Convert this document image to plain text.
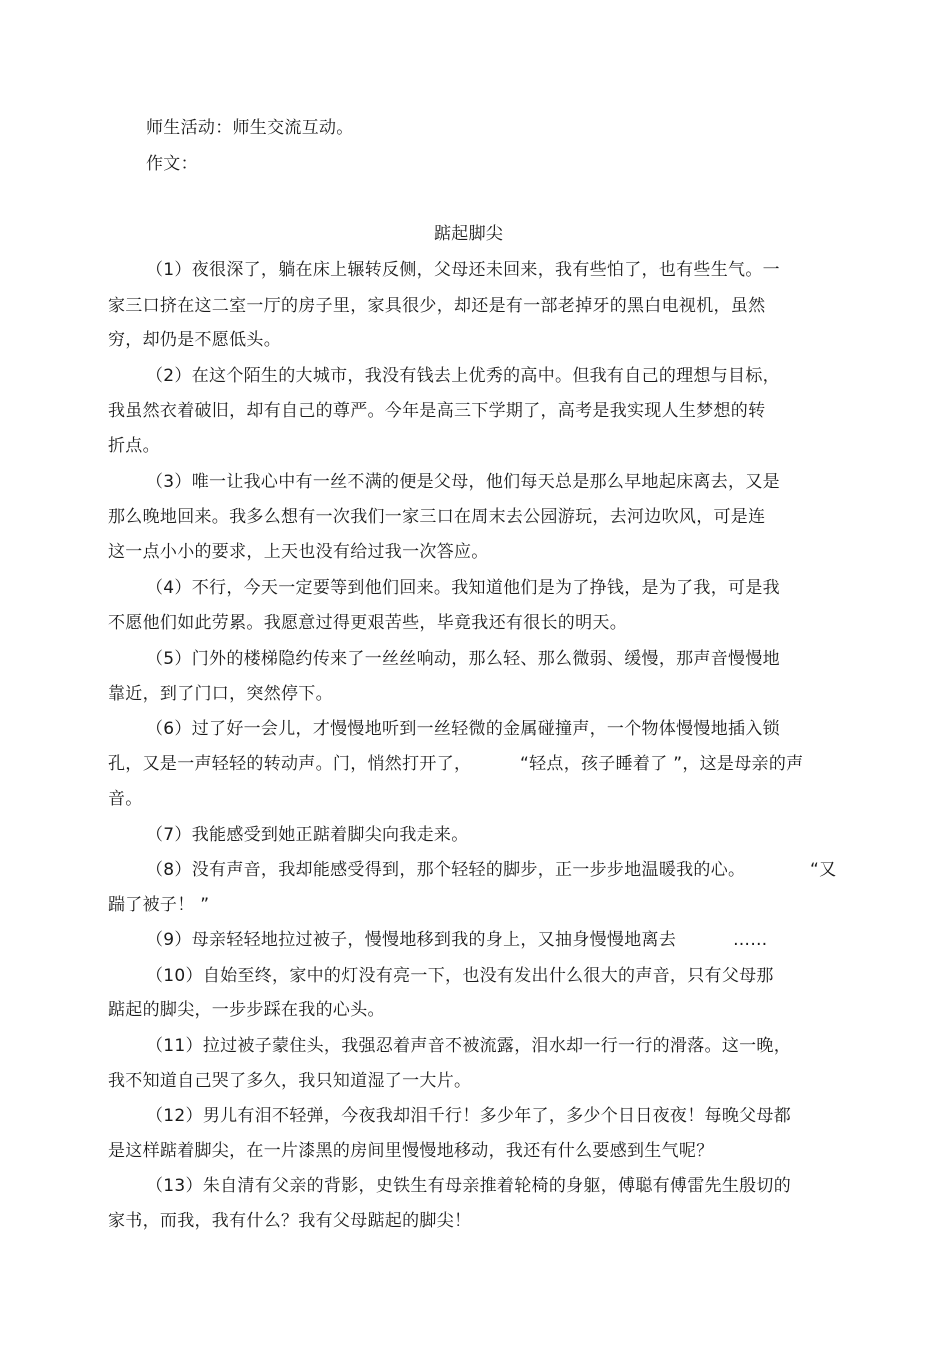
师生活动：师生交流互动。
作文：
踮起脚尖
（1）夜很深了，躺在床上辗转反侧，父母还未回来，我有些怕了，也有些生气。一
家三口挤在这二室一厅的房子里，家具很少，却还是有一部老掉牙的黑白电视机，虽然
穷，却仍是不愿低头。
（2）在这个陌生的大城市，我没有钱去上优秀的高中。但我有自己的理想与目标，
我虽然衣着破旧，却有自己的尊严。今年是高三下学期了，高考是我实现人生梦想的转
折点。
（3）唯一让我心中有一丝不满的便是父母，他们每天总是那么早地起床离去，又是
那么晚地回来。我多么想有一次我们一家三口在周末去公园游玩，去河边吹风，可是连
这一点小小的要求，上天也没有给过我一次答应。
（4）不行，今天一定要等到他们回来。我知道他们是为了挣钱，是为了我，可是我
不愿他们如此劳累。我愿意过得更艰苦些，毕竟我还有很长的明天。
（5）门外的楼梯隐约传来了一丝丝响动，那么轻、那么微弱、缓慢，那声音慢慢地
靠近，到了门口，突然停下。
（6）过了好一会儿，才慢慢地听到一丝轻微的金属碰撞声，一个物体慢慢地插入锁
孔，又是一声轻轻的转动声。门，悄然打开了，	“轻点，孩子睡着了 ”，这是母亲的声
音。
（7）我能感受到她正踮着脚尖向我走来。
（8）没有声音，我却能感受得到，那个轻轻的脚步，正一步步地温暖我的心。	“又
踹了被子！ ”
（9）母亲轻轻地拉过被子，慢慢地移到我的身上，又抽身慢慢地离去	……
（10）自始至终，家中的灯没有亮一下，也没有发出什么很大的声音，只有父母那
踮起的脚尖，一步步踩在我的心头。
（11）拉过被子蒙住头，我强忍着声音不被流露，泪水却一行一行的滑落。这一晚，
我不知道自己哭了多久，我只知道湿了一大片。
（12）男儿有泪不轻弹，今夜我却泪千行！多少年了，多少个日日夜夜！每晚父母都
是这样踮着脚尖，在一片漆黑的房间里慢慢地移动，我还有什么要感到生气呢？
（13）朱自清有父亲的背影，史铁生有母亲推着轮椅的身躯，傅聪有傅雷先生殷切的
家书，而我，我有什么？我有父母踮起的脚尖！
